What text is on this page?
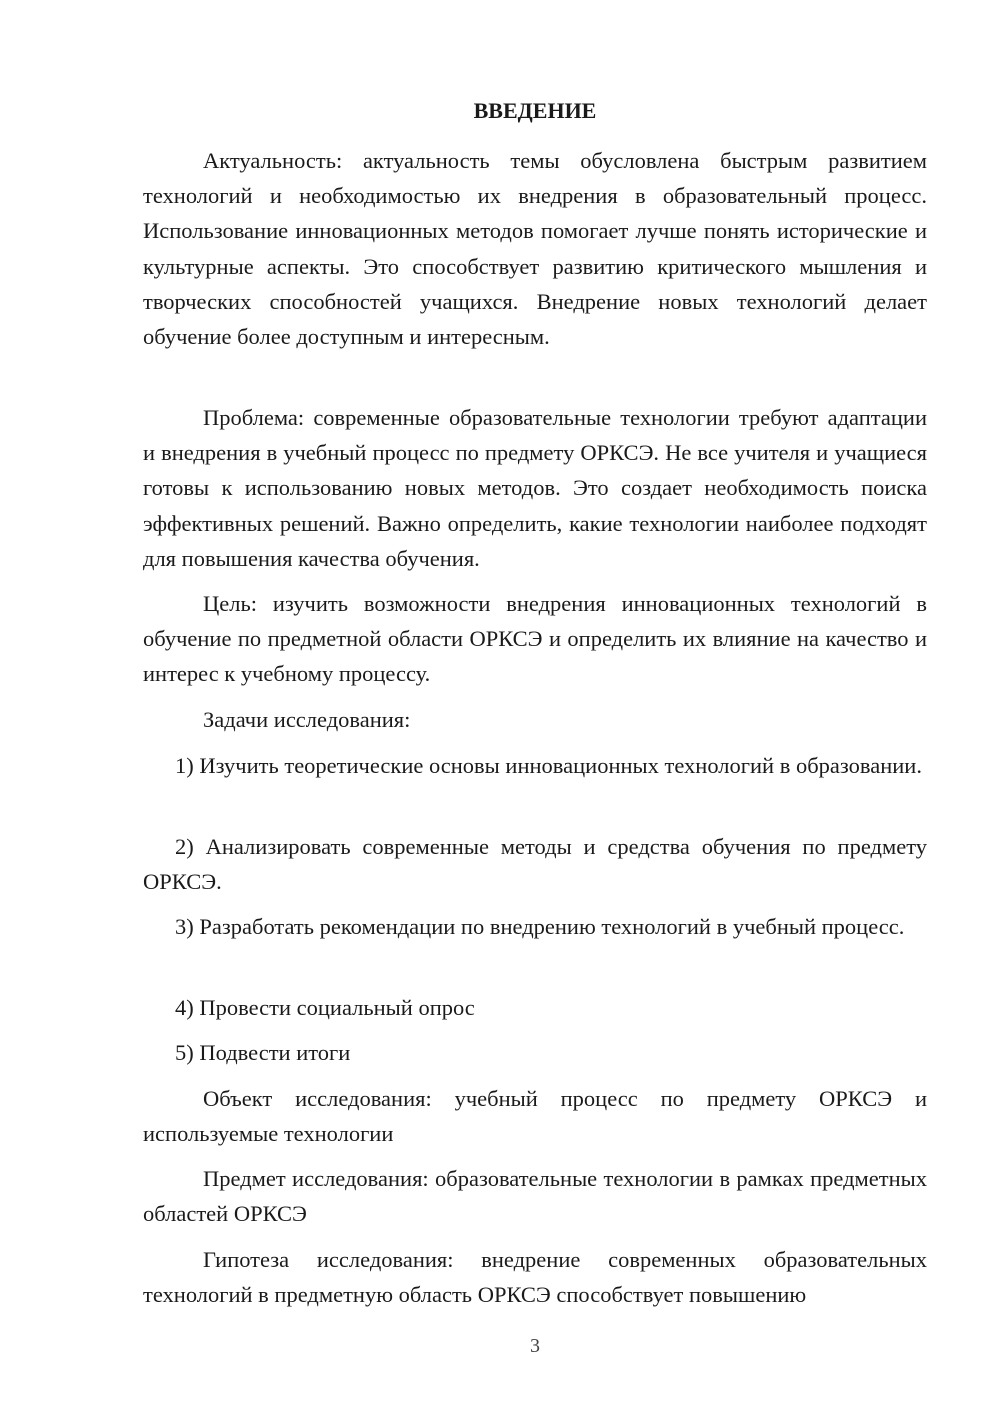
ВВЕДЕНИЕ

Актуальность: актуальность темы обусловлена быстрым развитием технологий и необходимостью их внедрения в образовательный процесс. Использование инновационных методов помогает лучше понять исторические и культурные аспекты. Это способствует развитию критического мышления и творческих способностей учащихся. Внедрение новых технологий делает обучение более доступным и интересным.

Проблема: современные образовательные технологии требуют адаптации и внедрения в учебный процесс по предмету ОРКСЭ. Не все учителя и учащиеся готовы к использованию новых методов. Это создает необходимость поиска эффективных решений. Важно определить, какие технологии наиболее подходят для повышения качества обучения.

Цель: изучить возможности внедрения инновационных технологий в обучение по предметной области ОРКСЭ и определить их влияние на качество и интерес к учебному процессу.

Задачи исследования:

1) Изучить теоретические основы инновационных технологий в образовании.

2) Анализировать современные методы и средства обучения по предмету ОРКСЭ.

3) Разработать рекомендации по внедрению технологий в учебный процесс.

4) Провести социальный опрос

5) Подвести итоги

Объект исследования: учебный процесс по предмету ОРКСЭ и используемые технологии

Предмет исследования: образовательные технологии в рамках предметных областей ОРКСЭ

Гипотеза исследования: внедрение современных образовательных технологий в предметную область ОРКСЭ способствует повышению

3
